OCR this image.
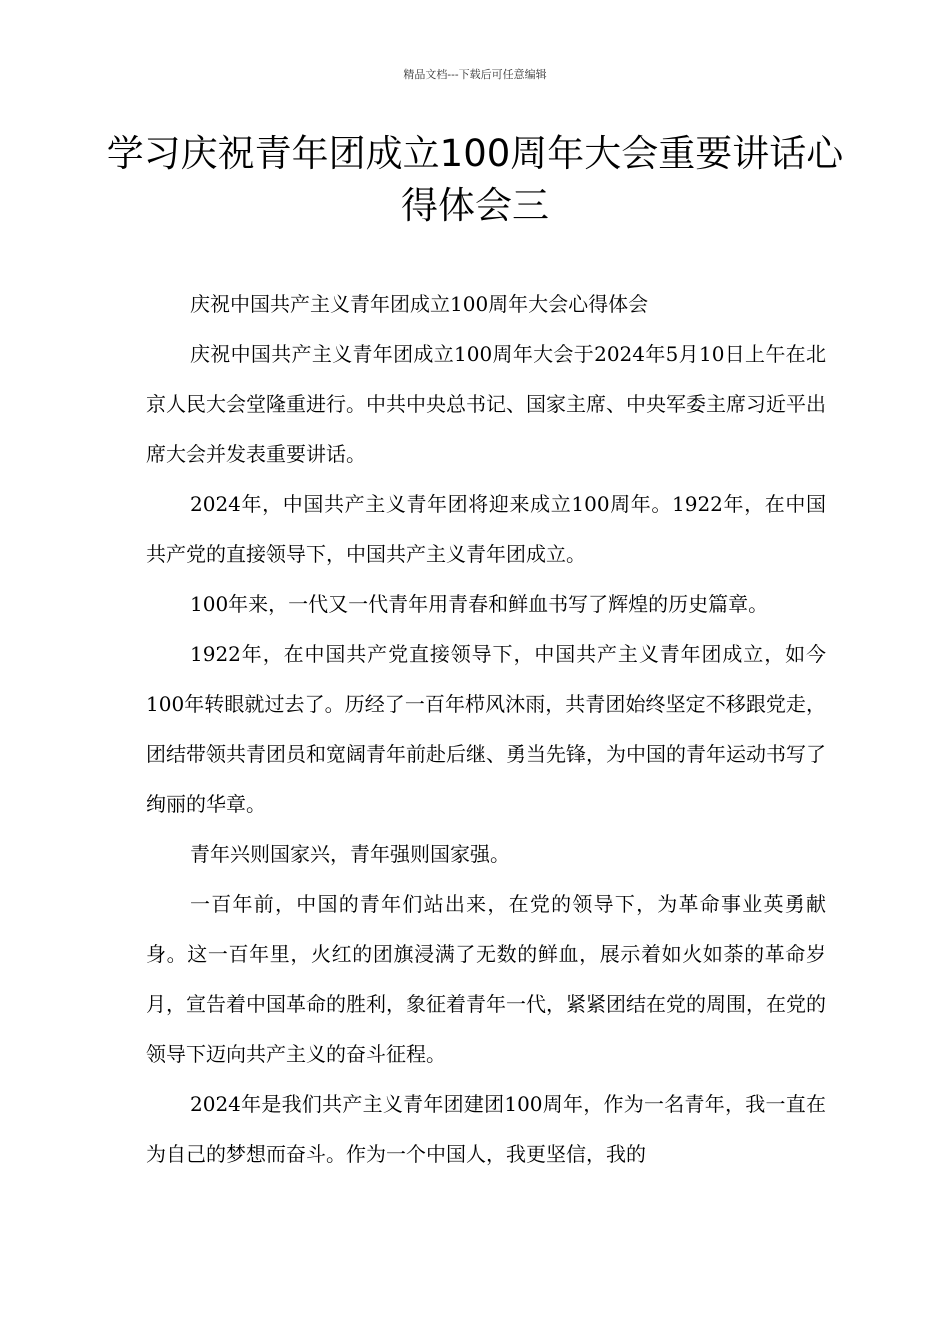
精品文档---下载后可任意编辑
学习庆祝青年团成立100周年大会重要讲话心得体会三

庆祝中国共产主义青年团成立100周年大会心得体会

庆祝中国共产主义青年团成立100周年大会于2024年5月10日上午在北京人民大会堂隆重进行。中共中央总书记、国家主席、中央军委主席习近平出席大会并发表重要讲话。

2024年，中国共产主义青年团将迎来成立100周年。1922年，在中国共产党的直接领导下，中国共产主义青年团成立。

100年来，一代又一代青年用青春和鲜血书写了辉煌的历史篇章。

1922年，在中国共产党直接领导下，中国共产主义青年团成立，如今100年转眼就过去了。历经了一百年栉风沐雨，共青团始终坚定不移跟党走，团结带领共青团员和宽阔青年前赴后继、勇当先锋，为中国的青年运动书写了绚丽的华章。

青年兴则国家兴，青年强则国家强。

一百年前，中国的青年们站出来，在党的领导下，为革命事业英勇献身。这一百年里，火红的团旗浸满了无数的鲜血，展示着如火如荼的革命岁月，宣告着中国革命的胜利，象征着青年一代，紧紧团结在党的周围，在党的领导下迈向共产主义的奋斗征程。

2024年是我们共产主义青年团建团100周年，作为一名青年，我一直在为自己的梦想而奋斗。作为一个中国人，我更坚信，我的
